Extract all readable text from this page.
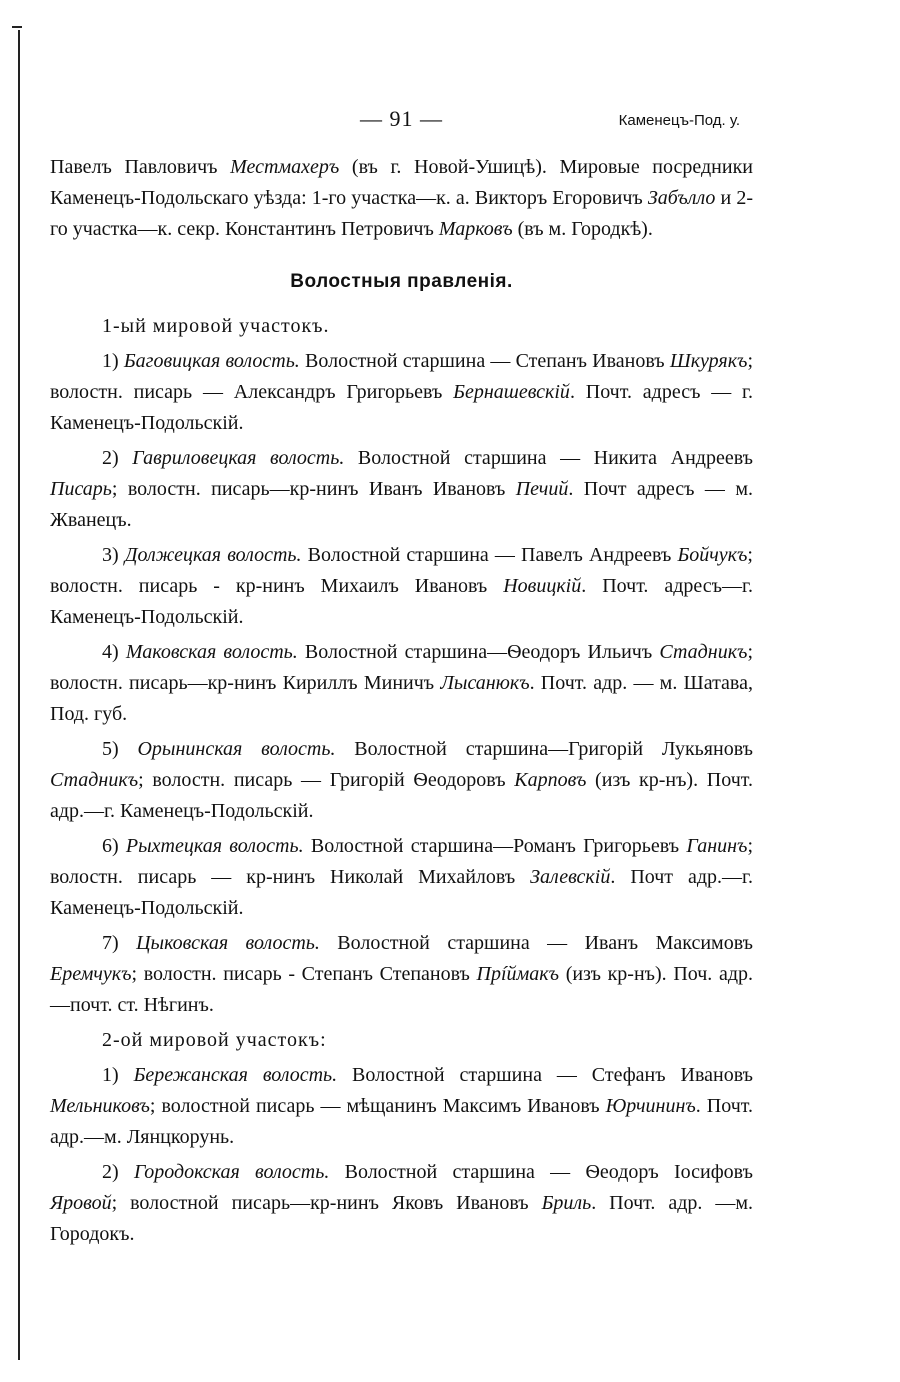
— 91 —	Каменецъ-Под. у.

Павелъ Павловичъ Местмахеръ (въ г. Новой-Ушицѣ). Мировые посредники Каменецъ-Подольскаго уѣзда: 1-го участка—к. а. Викторъ Егоровичъ Забълло и 2-го участка—к. секр. Константинъ Петровичъ Марковъ (въ м. Городкѣ).

Волостныя правленія.

1-ый мировой участокъ.

1) Баговицкая волость. Волостной старшина — Степанъ Ивановъ Шкурякъ; волостн. писарь — Александръ Григорьевъ Бернашевскій. Почт. адресъ — г. Каменецъ-Подольскій.

2) Гавриловецкая волость. Волостной старшина — Никита Андреевъ Писарь; волостн. писарь—кр-нинъ Иванъ Ивановъ Печий. Почт адресъ — м. Жванецъ.

3) Должецкая волость. Волостной старшина — Павелъ Андреевъ Бойчукъ; волостн. писарь - кр-нинъ Михаилъ Ивановъ Новицкій. Почт. адресъ—г. Каменецъ-Подольскій.

4) Маковская волость. Волостной старшина—Ѳеодоръ Ильичъ Стадникъ; волостн. писарь—кр-нинъ Кириллъ Миничъ Лысанюкъ. Почт. адр. — м. Шатава, Под. губ.

5) Орынинская волость. Волостной старшина—Григорій Лукьяновъ Стадникъ; волостн. писарь — Григорій Ѳеодоровъ Карповъ (изъ кр-нъ). Почт. адр.—г. Каменецъ-Подольскій.

6) Рыхтецкая волость. Волостной старшина—Романъ Григорьевъ Ганинъ; волостн. писарь — кр-нинъ Николай Михайловъ Залевскій. Почт адр.—г. Каменецъ-Подольскій.

7) Цыковская волость. Волостной старшина — Иванъ Максимовъ Еремчукъ; волостн. писарь - Степанъ Степановъ Прíймакъ (изъ кр-нъ). Поч. адр.—почт. ст. Нѣгинъ.

2-ой мировой участокъ:

1) Бережанская волость. Волостной старшина — Стефанъ Ивановъ Мельниковъ; волостной писарь — мѣщанинъ Максимъ Ивановъ Юрчининъ. Почт. адр.—м. Лянцкорунь.

2) Городокская волость. Волостной старшина — Ѳеодоръ Іосифовъ Яровой; волостной писарь—кр-нинъ Яковъ Ивановъ Бриль. Почт. адр. —м. Городокъ.
